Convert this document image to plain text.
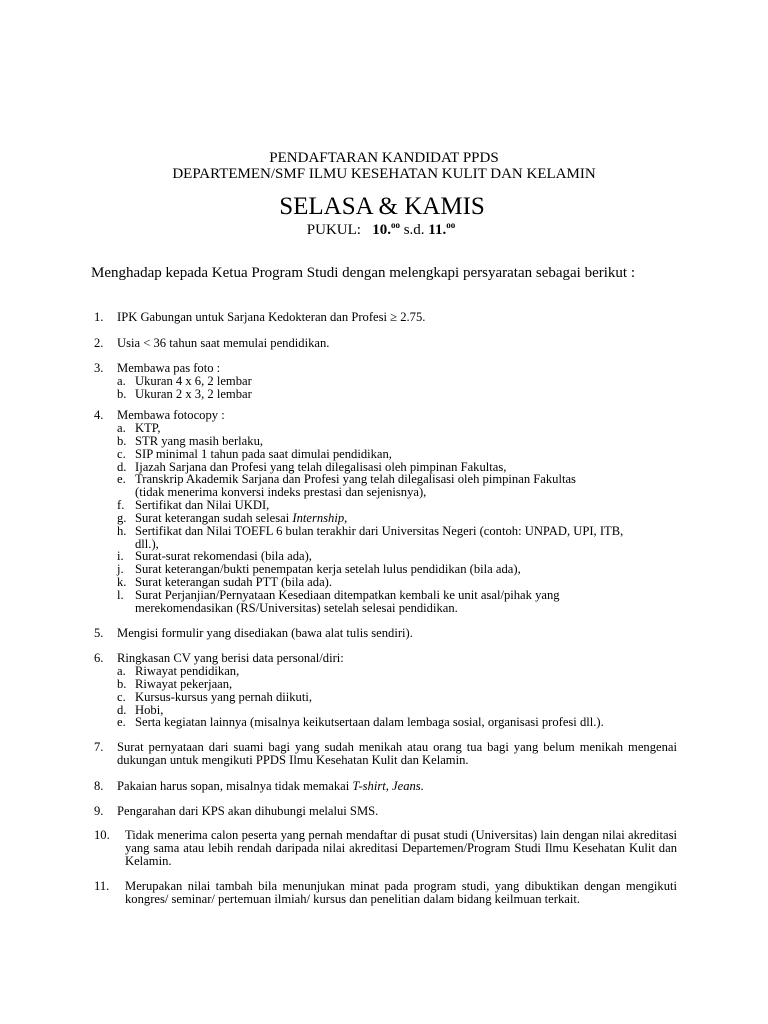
PENDAFTARAN KANDIDAT PPDS
DEPARTEMEN/SMF ILMU KESEHATAN KULIT DAN KELAMIN
SELASA & KAMIS
PUKUL: 10.$^{oo}$ s.d. 11.$^{oo}$
Menghadap kepada Ketua Program Studi dengan melengkapi persyaratan sebagai berikut :
1.	IPK Gabungan untuk Sarjana Kedokteran dan Profesi ≥ 2.75.
2.	Usia < 36 tahun saat memulai pendidikan.
3.	Membawa pas foto :
a. Ukuran 4 x 6, 2 lembar
b. Ukuran 2 x 3, 2 lembar
4.	Membawa fotocopy :
a. KTP,
b. STR yang masih berlaku,
c. SIP minimal 1 tahun pada saat dimulai pendidikan,
d. Ijazah Sarjana dan Profesi yang telah dilegalisasi oleh pimpinan Fakultas,
e. Transkrip Akademik Sarjana dan Profesi yang telah dilegalisasi oleh pimpinan Fakultas
(tidak menerima konversi indeks prestasi dan sejenisnya),
f. Sertifikat dan Nilai UKDI,
g. Surat keterangan sudah selesai Internship,
h. Sertifikat dan Nilai TOEFL 6 bulan terakhir dari Universitas Negeri (contoh: UNPAD, UPI, ITB,
dll.),
i. Surat-surat rekomendasi (bila ada),
j. Surat keterangan/bukti penempatan kerja setelah lulus pendidikan (bila ada),
k. Surat keterangan sudah PTT (bila ada).
l. Surat Perjanjian/Pernyataan Kesediaan ditempatkan kembali ke unit asal/pihak yang
merekomendasikan (RS/Universitas) setelah selesai pendidikan.
5.	Mengisi formulir yang disediakan (bawa alat tulis sendiri).
6.	Ringkasan CV yang berisi data personal/diri:
a. Riwayat pendidikan,
b. Riwayat pekerjaan,
c. Kursus-kursus yang pernah diikuti,
d. Hobi,
e. Serta kegiatan lainnya (misalnya keikutsertaan dalam lembaga sosial, organisasi profesi dll.).
7.	Surat pernyataan dari suami bagi yang sudah menikah atau orang tua bagi yang belum menikah mengenai dukungan untuk mengikuti PPDS Ilmu Kesehatan Kulit dan Kelamin.
8.	Pakaian harus sopan, misalnya tidak memakai T-shirt, Jeans.
9.	Pengarahan dari KPS akan dihubungi melalui SMS.
10.	Tidak menerima calon peserta yang pernah mendaftar di pusat studi (Universitas) lain dengan nilai akreditasi yang sama atau lebih rendah daripada nilai akreditasi Departemen/Program Studi Ilmu Kesehatan Kulit dan Kelamin.
11.	Merupakan nilai tambah bila menunjukan minat pada program studi, yang dibuktikan dengan mengikuti kongres/ seminar/ pertemuan ilmiah/ kursus dan penelitian dalam bidang keilmuan terkait.
